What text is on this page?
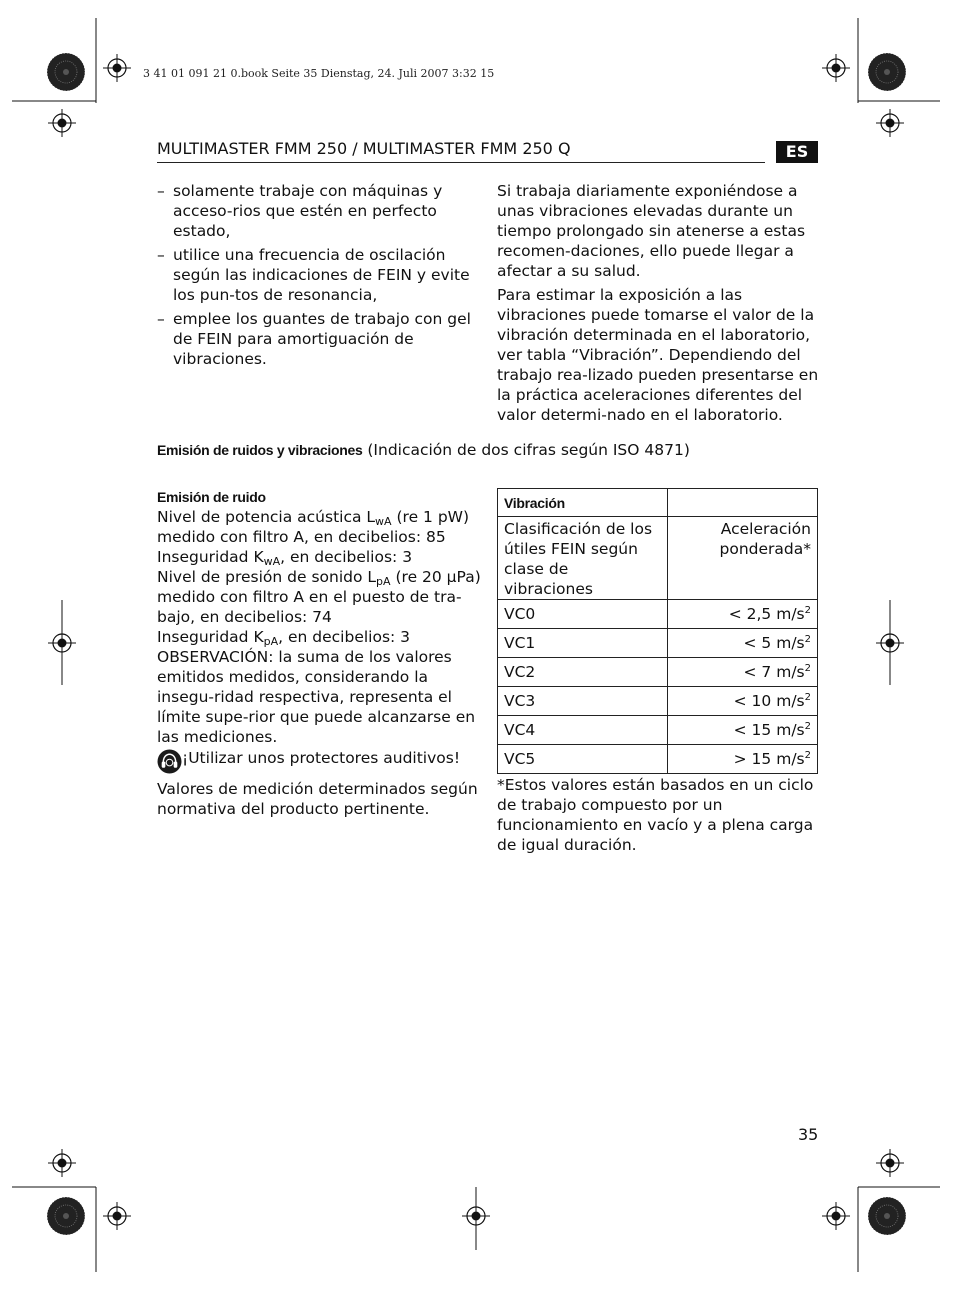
3 41 01 091 21 0.book Seite 35 Dienstag, 24. Juli 2007 3:32 15
MULTIMASTER FMM 250 / MULTIMASTER FMM 250 Q	ES
– solamente trabaje con máquinas y acceso-rios que estén en perfecto estado,
– utilice una frecuencia de oscilación según las indicaciones de FEIN y evite los pun-tos de resonancia,
– emplee los guantes de trabajo con gel de FEIN para amortiguación de vibraciones.

Si trabaja diariamente exponiéndose a unas vibraciones elevadas durante un tiempo prolongado sin atenerse a estas recomen-daciones, ello puede llegar a afectar a su salud.

Para estimar la exposición a las vibraciones puede tomarse el valor de la vibración determinada en el laboratorio, ver tabla “Vibración”. Dependiendo del trabajo rea-lizado pueden presentarse en la práctica aceleraciones diferentes del valor determi-nado en el laboratorio.

Emisión de ruidos y vibraciones (Indicación de dos cifras según ISO 4871)
Emisión de ruido
Nivel de potencia acústica $L_{wA}$ (re 1 pW)
medido con filtro A, en decibelios: 85
Inseguridad $K_{wA}$, en decibelios: 3
Nivel de presión de sonido $L_{pA}$ (re 20 µPa)
medido con filtro A en el puesto de tra-
bajo, en decibelios: 74
Inseguridad $K_{pA}$, en decibelios: 3
OBSERVACIÓN: la suma de los valores emitidos medidos, considerando la insegu-ridad respectiva, representa el límite supe-rior que puede alcanzarse en las mediciones.
¡Utilizar unos protectores auditivos!
Valores de medición determinados según normativa del producto pertinente.
Vibración	
Clasificación de los útiles FEIN según clase de vibraciones	Aceleración ponderada*
VC0	< 2,5 $m/s^2$
VC1	< 5 $m/s^2$
VC2	< 7 $m/s^2$
VC3	< 10 $m/s^2$
VC4	< 15 $m/s^2$
VC5	> 15 $m/s^2$
*Estos valores están basados en un ciclo de trabajo compuesto por un funcionamiento en vacío y a plena carga de igual duración.
35
